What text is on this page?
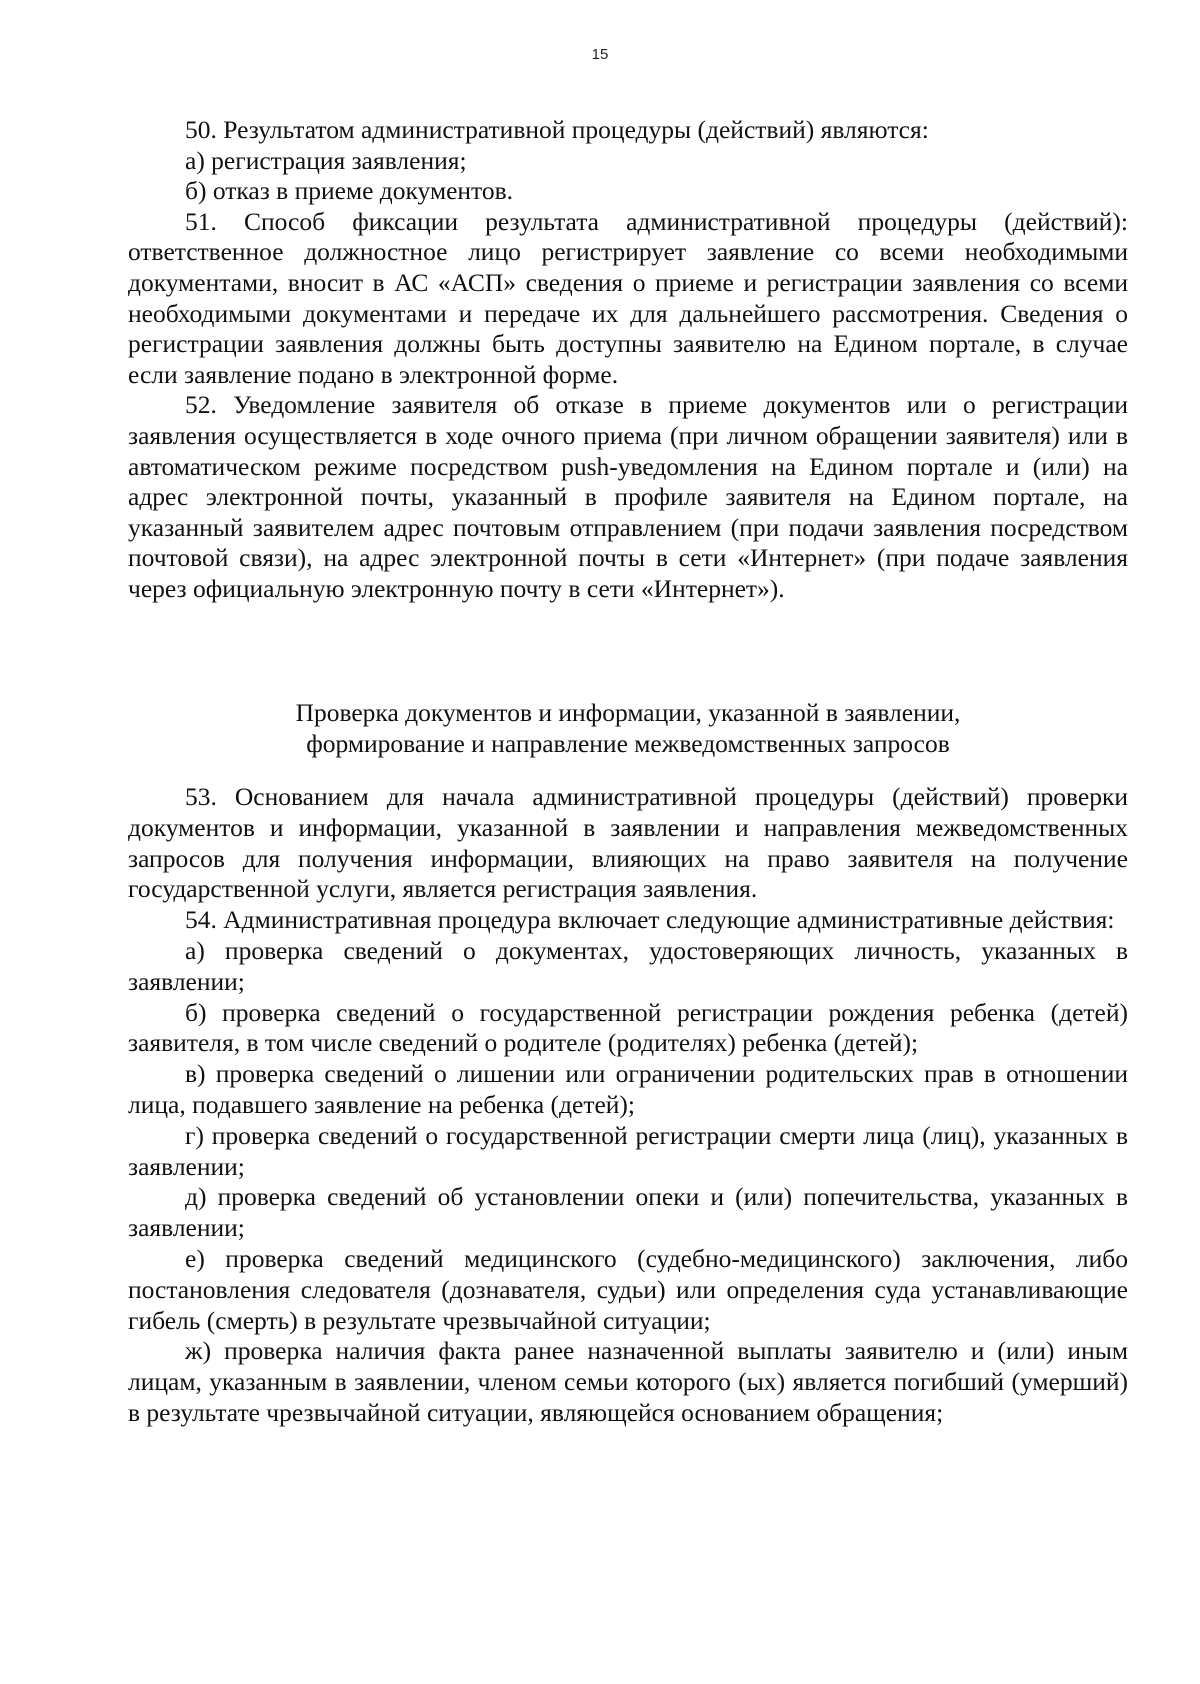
15

50. Результатом административной процедуры (действий) являются:

а) регистрация заявления;

б) отказ в приеме документов.

51. Способ фиксации результата административной процедуры (действий): ответственное должностное лицо регистрирует заявление со всеми необходимыми документами, вносит в АС «АСП» сведения о приеме и регистрации заявления со всеми необходимыми документами и передаче их для дальнейшего рассмотрения. Сведения о регистрации заявления должны быть доступны заявителю на Едином портале, в случае если заявление подано в электронной форме.

52. Уведомление заявителя об отказе в приеме документов или о регистрации заявления осуществляется в ходе очного приема (при личном обращении заявителя) или в автоматическом режиме посредством push-уведомления на Едином портале и (или) на адрес электронной почты, указанный в профиле заявителя на Едином портале, на указанный заявителем адрес почтовым отправлением (при подачи заявления посредством почтовой связи), на адрес электронной почты в сети «Интернет» (при подаче заявления через официальную электронную почту в сети «Интернет»).

Проверка документов и информации, указанной в заявлении,
формирование и направление межведомственных запросов

53. Основанием для начала административной процедуры (действий) проверки документов и информации, указанной в заявлении и направления межведомственных запросов для получения информации, влияющих на право заявителя на получение государственной услуги, является регистрация заявления.

54. Административная процедура включает следующие административные действия:

а) проверка сведений о документах, удостоверяющих личность, указанных в заявлении;

б) проверка сведений о государственной регистрации рождения ребенка (детей) заявителя, в том числе сведений о родителе (родителях) ребенка (детей);

в) проверка сведений о лишении или ограничении родительских прав в отношении лица, подавшего заявление на ребенка (детей);

г) проверка сведений о государственной регистрации смерти лица (лиц), указанных в заявлении;

д) проверка сведений об установлении опеки и (или) попечительства, указанных в заявлении;

е) проверка сведений медицинского (судебно-медицинского) заключения, либо постановления следователя (дознавателя, судьи) или определения суда устанавливающие гибель (смерть) в результате чрезвычайной ситуации;

ж) проверка наличия факта ранее назначенной выплаты заявителю и (или) иным лицам, указанным в заявлении, членом семьи которого (ых) является погибший (умерший) в результате чрезвычайной ситуации, являющейся основанием обращения;
